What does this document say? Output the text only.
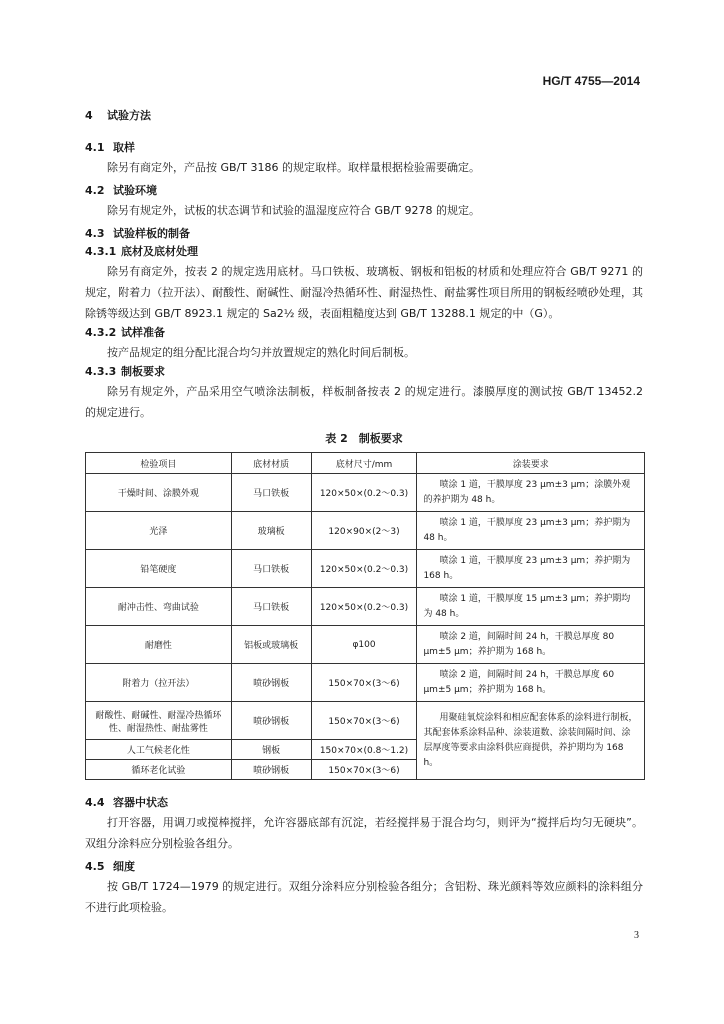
HG/T 4755—2014

4 试验方法

4.1 取样

除另有商定外，产品按 GB/T 3186 的规定取样。取样量根据检验需要确定。

4.2 试验环境

除另有规定外，试板的状态调节和试验的温湿度应符合 GB/T 9278 的规定。

4.3 试验样板的制备

4.3.1 底材及底材处理

除另有商定外，按表 2 的规定选用底材。马口铁板、玻璃板、钢板和铝板的材质和处理应符合 GB/T 9271 的规定，附着力（拉开法）、耐酸性、耐碱性、耐湿冷热循环性、耐湿热性、耐盐雾性项目所用的钢板经喷砂处理，其除锈等级达到 GB/T 8923.1 规定的 Sa2½ 级，表面粗糙度达到 GB/T 13288.1 规定的中（G）。

4.3.2 试样准备

按产品规定的组分配比混合均匀并放置规定的熟化时间后制板。

4.3.3 制板要求

除另有规定外，产品采用空气喷涂法制板，样板制备按表 2 的规定进行。漆膜厚度的测试按 GB/T 13452.2 的规定进行。

表 2　制板要求
检验项目	底材材质	底材尺寸/mm	涂装要求
干燥时间、涂膜外观	马口铁板	120×50×(0.2～0.3)	喷涂 1 道，干膜厚度 23 μm±3 μm；涂膜外观的养护期为 48 h。
光泽	玻璃板	120×90×(2～3)	喷涂 1 道，干膜厚度 23 μm±3 μm；养护期为 48 h。
铅笔硬度	马口铁板	120×50×(0.2～0.3)	喷涂 1 道，干膜厚度 23 μm±3 μm；养护期为 168 h。
耐冲击性、弯曲试验	马口铁板	120×50×(0.2～0.3)	喷涂 1 道，干膜厚度 15 μm±3 μm；养护期均为 48 h。
耐磨性	铝板或玻璃板	φ100	喷涂 2 道，间隔时间 24 h，干膜总厚度 80 μm±5 μm；养护期为 168 h。
附着力（拉开法）	喷砂钢板	150×70×(3～6)	喷涂 2 道，间隔时间 24 h，干膜总厚度 60 μm±5 μm；养护期为 168 h。
耐酸性、耐碱性、耐湿冷热循环性、耐湿热性、耐盐雾性	喷砂钢板	150×70×(3～6)	用聚硅氧烷涂料和相应配套体系的涂料进行制板，其配套体系涂料品种、涂装道数、涂装间隔时间、涂层厚度等要求由涂料供应商提供，养护期均为 168 h。
人工气候老化性	钢板	150×70×(0.8～1.2)	
循环老化试验	喷砂钢板	150×70×(3～6)	

4.4 容器中状态

打开容器，用调刀或搅棒搅拌，允许容器底部有沉淀，若经搅拌易于混合均匀，则评为“搅拌后均匀无硬块”。双组分涂料应分别检验各组分。

4.5 细度

按 GB/T 1724—1979 的规定进行。双组分涂料应分别检验各组分；含铝粉、珠光颜料等效应颜料的涂料组分不进行此项检验。

3
